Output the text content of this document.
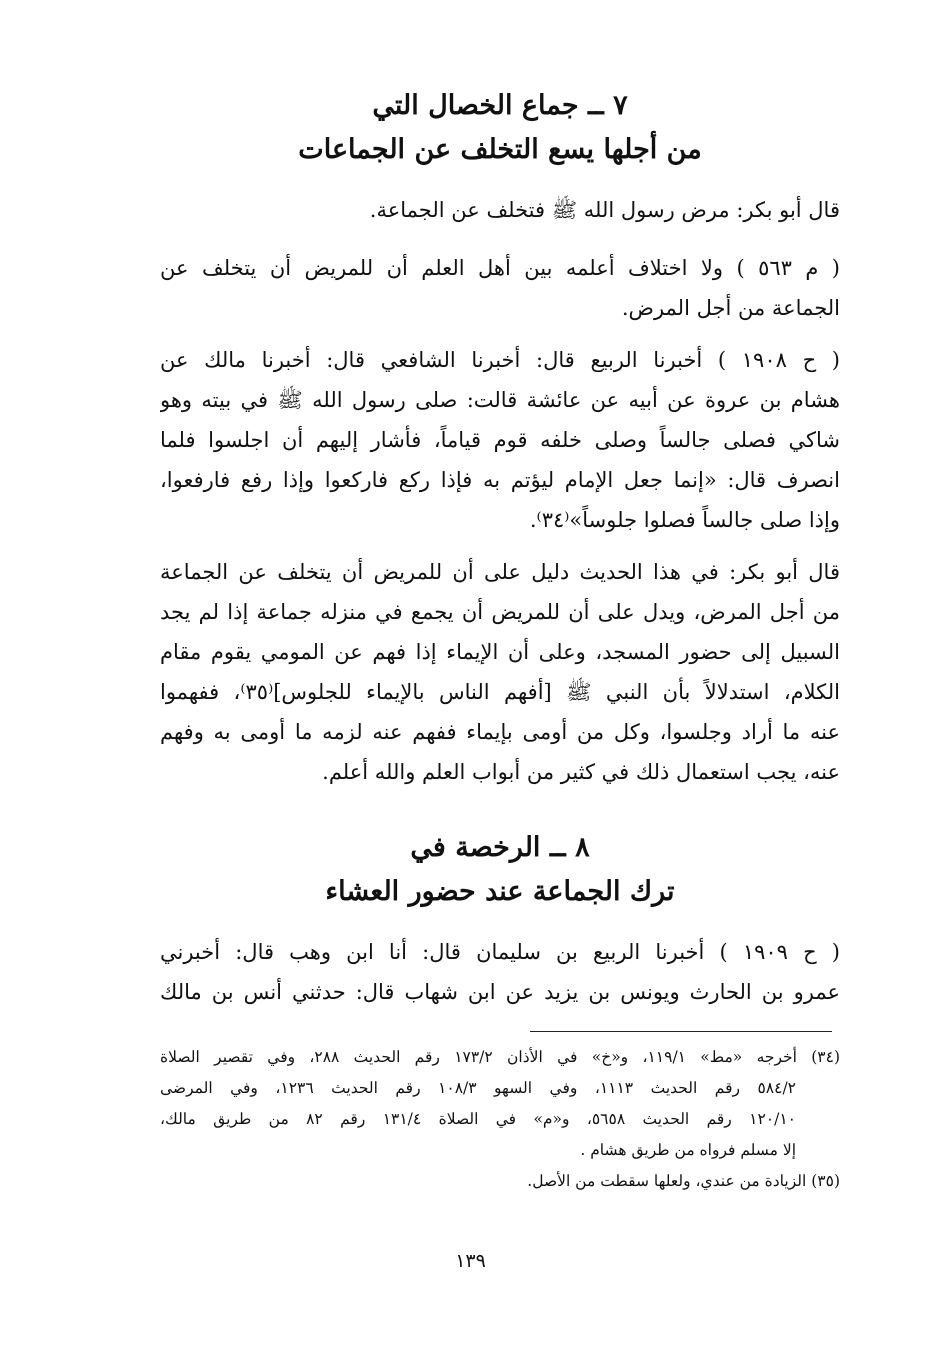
٧ ــ جماع الخصال التي
من أجلها يسع التخلف عن الجماعات
قال أبو بكر: مرض رسول الله ﷺ فتخلف عن الجماعة.
( م ٥٦٣ ) ولا اختلاف أعلمه بين أهل العلم أن للمريض أن يتخلف عن
الجماعة من أجل المرض.
( ح ١٩٠٨ ) أخبرنا الربيع قال: أخبرنا الشافعي قال: أخبرنا مالك عن
هشام بن عروة عن أبيه عن عائشة قالت: صلى رسول الله ﷺ في بيته وهو
شاكي فصلى جالساً وصلى خلفه قوم قياماً، فأشار إليهم أن اجلسوا فلما
انصرف قال: «إنما جعل الإمام ليؤتم به فإذا ركع فاركعوا وإذا رفع فارفعوا،
وإذا صلى جالساً فصلوا جلوساً»⁽٣٤⁾.
قال أبو بكر: في هذا الحديث دليل على أن للمريض أن يتخلف عن الجماعة
من أجل المرض، ويدل على أن للمريض أن يجمع في منزله جماعة إذا لم يجد
السبيل إلى حضور المسجد، وعلى أن الإيماء إذا فهم عن المومي يقوم مقام
الكلام، استدلالاً بأن النبي ﷺ [أفهم الناس بالإيماء للجلوس]⁽٣٥⁾، ففهموا
عنه ما أراد وجلسوا، وكل من أومى بإيماء ففهم عنه لزمه ما أومى به وفهم
عنه، يجب استعمال ذلك في كثير من أبواب العلم والله أعلم.
٨ ــ الرخصة في
ترك الجماعة عند حضور العشاء
( ح ١٩٠٩ ) أخبرنا الربيع بن سليمان قال: أنا ابن وهب قال: أخبرني
عمرو بن الحارث ويونس بن يزيد عن ابن شهاب قال: حدثني أنس بن مالك
(٣٤) أخرجه «مط» ١١٩/١، و«خ» في الأذان ١٧٣/٢ رقم الحديث ٢٨٨، وفي تقصير الصلاة
٥٨٤/٢ رقم الحديث ١١١٣، وفي السهو ١٠٨/٣ رقم الحديث ١٢٣٦، وفي المرضى
١٢٠/١٠ رقم الحديث ٥٦٥٨، و«م» في الصلاة ١٣١/٤ رقم ٨٢ من طريق مالك،
إلا مسلم فرواه من طريق هشام .
(٣٥) الزيادة من عندي، ولعلها سقطت من الأصل.
١٣٩
